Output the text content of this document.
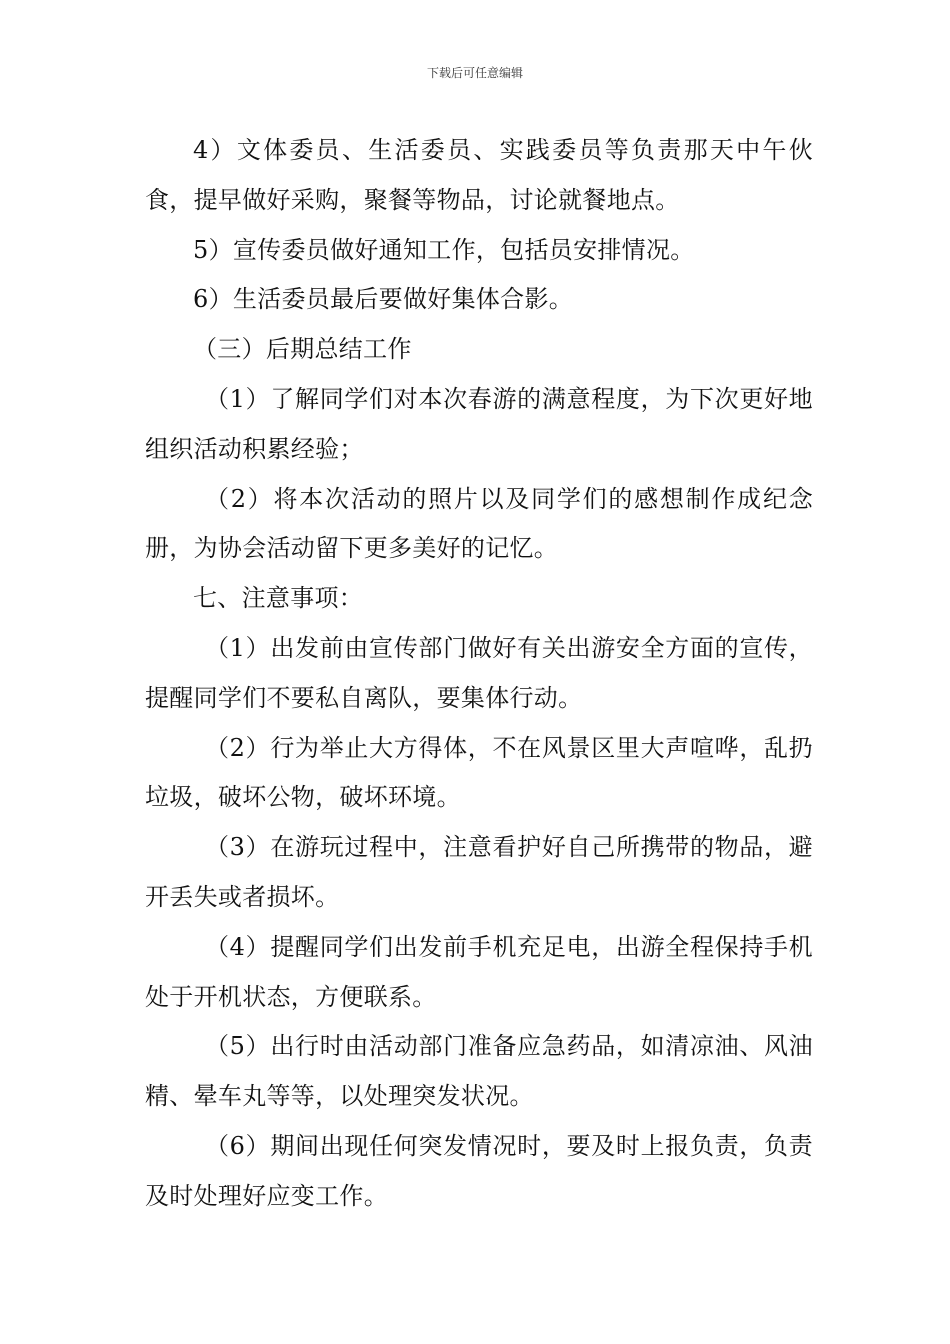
下载后可任意编辑

4）文体委员、生活委员、实践委员等负责那天中午伙食，提早做好采购，聚餐等物品，讨论就餐地点。

5）宣传委员做好通知工作，包括员安排情况。

6）生活委员最后要做好集体合影。

（三）后期总结工作

（1）了解同学们对本次春游的满意程度，为下次更好地组织活动积累经验；

（2）将本次活动的照片以及同学们的感想制作成纪念册，为协会活动留下更多美好的记忆。

七、注意事项：

（1）出发前由宣传部门做好有关出游安全方面的宣传，提醒同学们不要私自离队，要集体行动。

（2）行为举止大方得体，不在风景区里大声喧哗，乱扔垃圾，破坏公物，破坏环境。

（3）在游玩过程中，注意看护好自己所携带的物品，避开丢失或者损坏。

（4）提醒同学们出发前手机充足电，出游全程保持手机处于开机状态，方便联系。

（5）出行时由活动部门准备应急药品，如清凉油、风油精、晕车丸等等，以处理突发状况。

（6）期间出现任何突发情况时，要及时上报负责，负责及时处理好应变工作。
